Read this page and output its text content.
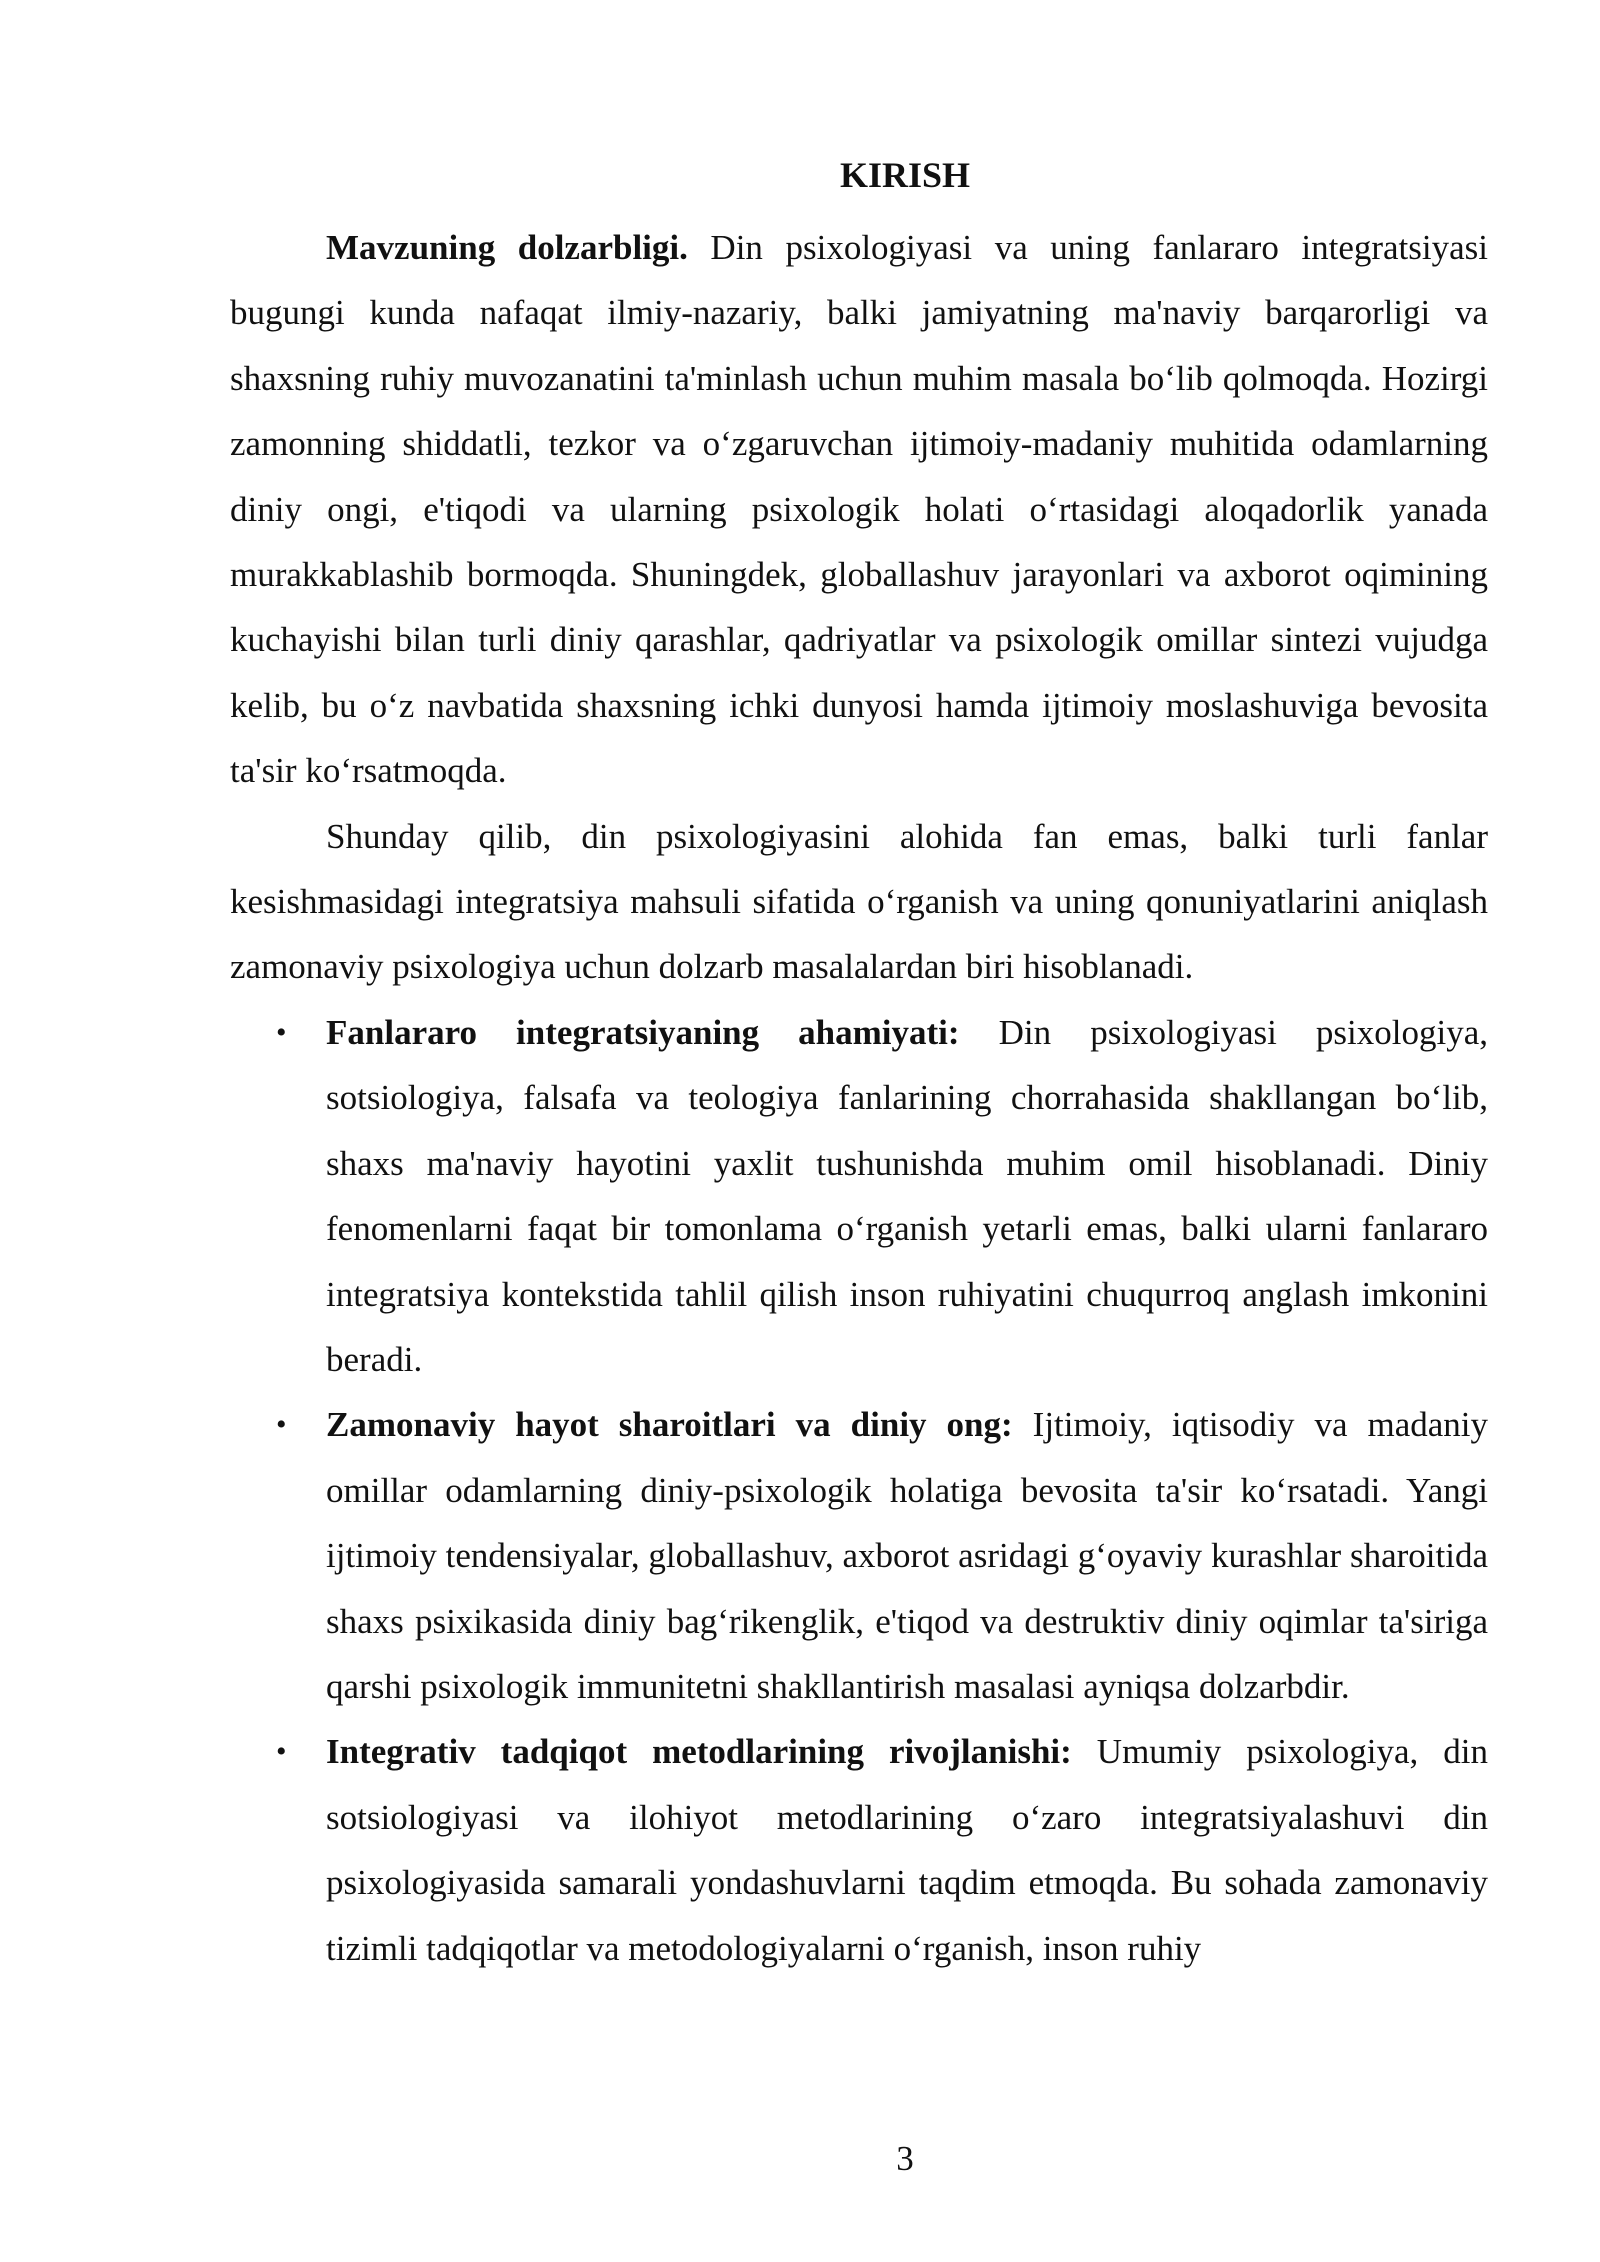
KIRISH

Mavzuning dolzarbligi. Din psixologiyasi va uning fanlararo integratsiyasi bugungi kunda nafaqat ilmiy-nazariy, balki jamiyatning ma'naviy barqarorligi va shaxsning ruhiy muvozanatini ta'minlash uchun muhim masala bo‘lib qolmoqda. Hozirgi zamonning shiddatli, tezkor va o‘zgaruvchan ijtimoiy-madaniy muhitida odamlarning diniy ongi, e'tiqodi va ularning psixologik holati o‘rtasidagi aloqadorlik yanada murakkablashib bormoqda. Shuningdek, globallashuv jarayonlari va axborot oqimining kuchayishi bilan turli diniy qarashlar, qadriyatlar va psixologik omillar sintezi vujudga kelib, bu o‘z navbatida shaxsning ichki dunyosi hamda ijtimoiy moslashuviga bevosita ta'sir ko‘rsatmoqda.

Shunday qilib, din psixologiyasini alohida fan emas, balki turli fanlar kesishmasidagi integratsiya mahsuli sifatida o‘rganish va uning qonuniyatlarini aniqlash zamonaviy psixologiya uchun dolzarb masalalardan biri hisoblanadi.

• Fanlararo integratsiyaning ahamiyati: Din psixologiyasi psixologiya, sotsiologiya, falsafa va teologiya fanlarining chorrahasida shakllangan bo‘lib, shaxs ma'naviy hayotini yaxlit tushunishda muhim omil hisoblanadi. Diniy fenomenlarni faqat bir tomonlama o‘rganish yetarli emas, balki ularni fanlararo integratsiya kontekstida tahlil qilish inson ruhiyatini chuqurroq anglash imkonini beradi.
• Zamonaviy hayot sharoitlari va diniy ong: Ijtimoiy, iqtisodiy va madaniy omillar odamlarning diniy-psixologik holatiga bevosita ta'sir ko‘rsatadi. Yangi ijtimoiy tendensiyalar, globallashuv, axborot asridagi g‘oyaviy kurashlar sharoitida shaxs psixikasida diniy bag‘rikenglik, e'tiqod va destruktiv diniy oqimlar ta'siriga qarshi psixologik immunitetni shakllantirish masalasi ayniqsa dolzarbdir.
• Integrativ tadqiqot metodlarining rivojlanishi: Umumiy psixologiya, din sotsiologiyasi va ilohiyot metodlarining o‘zaro integratsiyalashuvi din psixologiyasida samarali yondashuvlarni taqdim etmoqda. Bu sohada zamonaviy tizimli tadqiqotlar va metodologiyalarni o‘rganish, inson ruhiy
3
